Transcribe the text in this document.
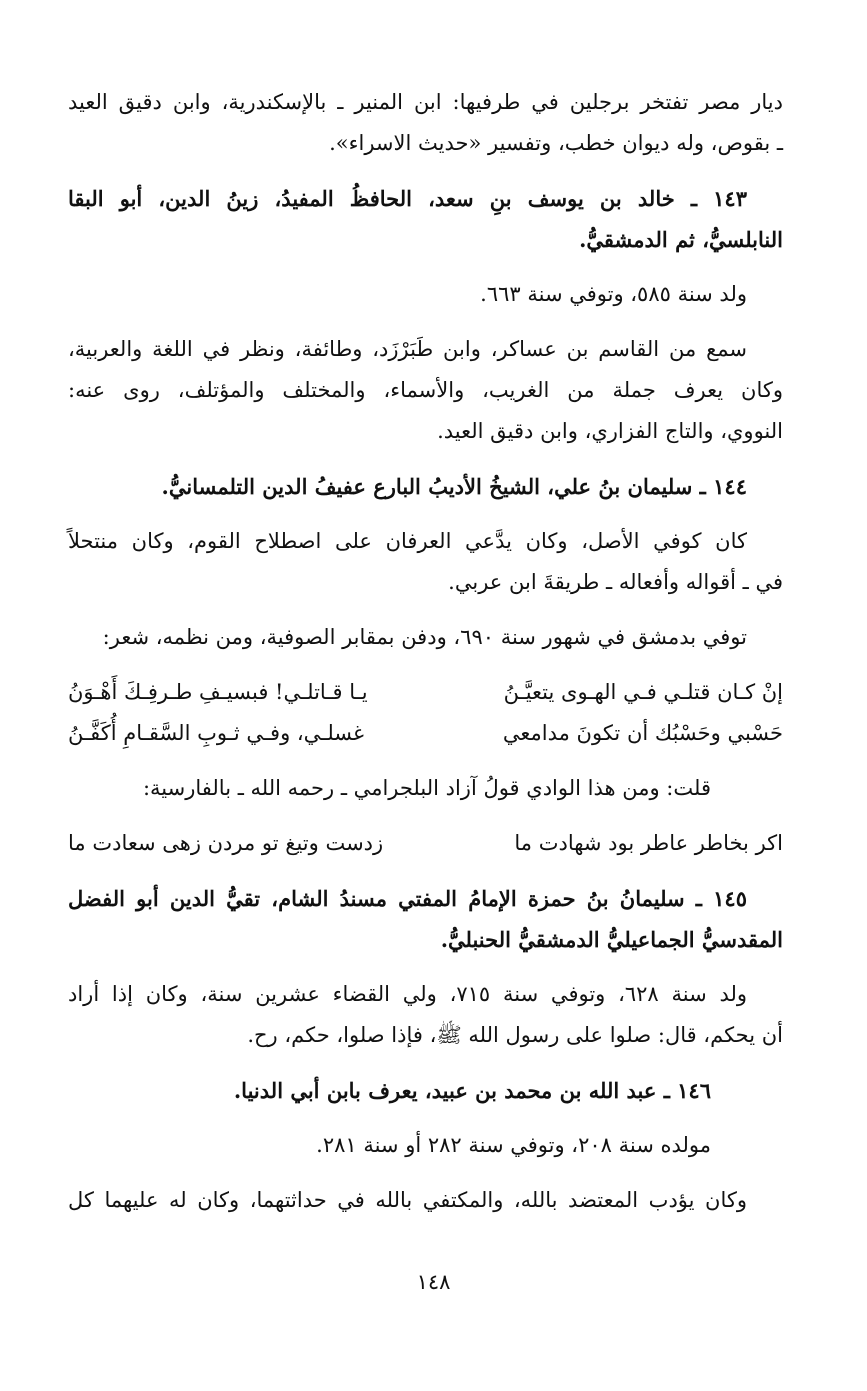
ديار مصر تفتخر برجلين في طرفيها: ابن المنير ـ بالإسكندرية، وابن دقيق العيد
ـ بقوص، وله ديوان خطب، وتفسير «حديث الاسراء».

١٤٣ ـ خالد بن يوسف بنِ سعد، الحافظُ المفيدُ، زينُ الدين، أبو البقا
النابلسيُّ، ثم الدمشقيُّ.

ولد سنة ٥٨٥، وتوفي سنة ٦٦٣.

سمع من القاسم بن عساكر، وابن طَبَرْزَد، وطائفة، ونظر في اللغة والعربية،
وكان يعرف جملة من الغريب، والأسماء، والمختلف والمؤتلف، روى عنه:
النووي، والتاج الفزاري، وابن دقيق العيد.

١٤٤ ـ سليمان بنُ علي، الشيخُ الأديبُ البارع عفيفُ الدين التلمسانيُّ.

كان كوفي الأصل، وكان يدَّعي العرفان على اصطلاح القوم، وكان منتحلاً
في ـ أقواله وأفعاله ـ طريقةَ ابن عربي.

توفي بدمشق في شهور سنة ٦٩٠، ودفن بمقابر الصوفية، ومن نظمه، شعر:

إنْ كـان قتلـي فـي الهـوى يتعيَّـنُ
يـا قـاتلـي! فبسيـفِ طـرفِـكَ أَهْـوَنُ
حَسْبي وحَسْبُك أن تكونَ مدامعي
غسلـي، وفـي ثـوبِ السَّقـامِ أُكَفَّـنُ

قلت: ومن هذا الوادي قولُ آزاد البلجرامي ـ رحمه الله ـ بالفارسية:

اكر بخاطر عاطر بود شهادت ما
زدست وتيغ تو مردن زهى سعادت ما

١٤٥ ـ سليمانُ بنُ حمزة الإمامُ المفتي مسندُ الشام، تقيُّ الدين أبو الفضل
المقدسيُّ الجماعيليُّ الدمشقيُّ الحنبليُّ.

ولد سنة ٦٢٨، وتوفي سنة ٧١٥، ولي القضاء عشرين سنة، وكان إذا أراد
أن يحكم، قال: صلوا على رسول الله ﷺ، فإذا صلوا، حكم، رح.

١٤٦ ـ عبد الله بن محمد بن عبيد، يعرف بابن أبي الدنيا.

مولده سنة ٢٠٨، وتوفي سنة ٢٨٢ أو سنة ٢٨١.

وكان يؤدب المعتضد بالله، والمكتفي بالله في حداثتهما، وكان له عليهما كل

١٤٨
